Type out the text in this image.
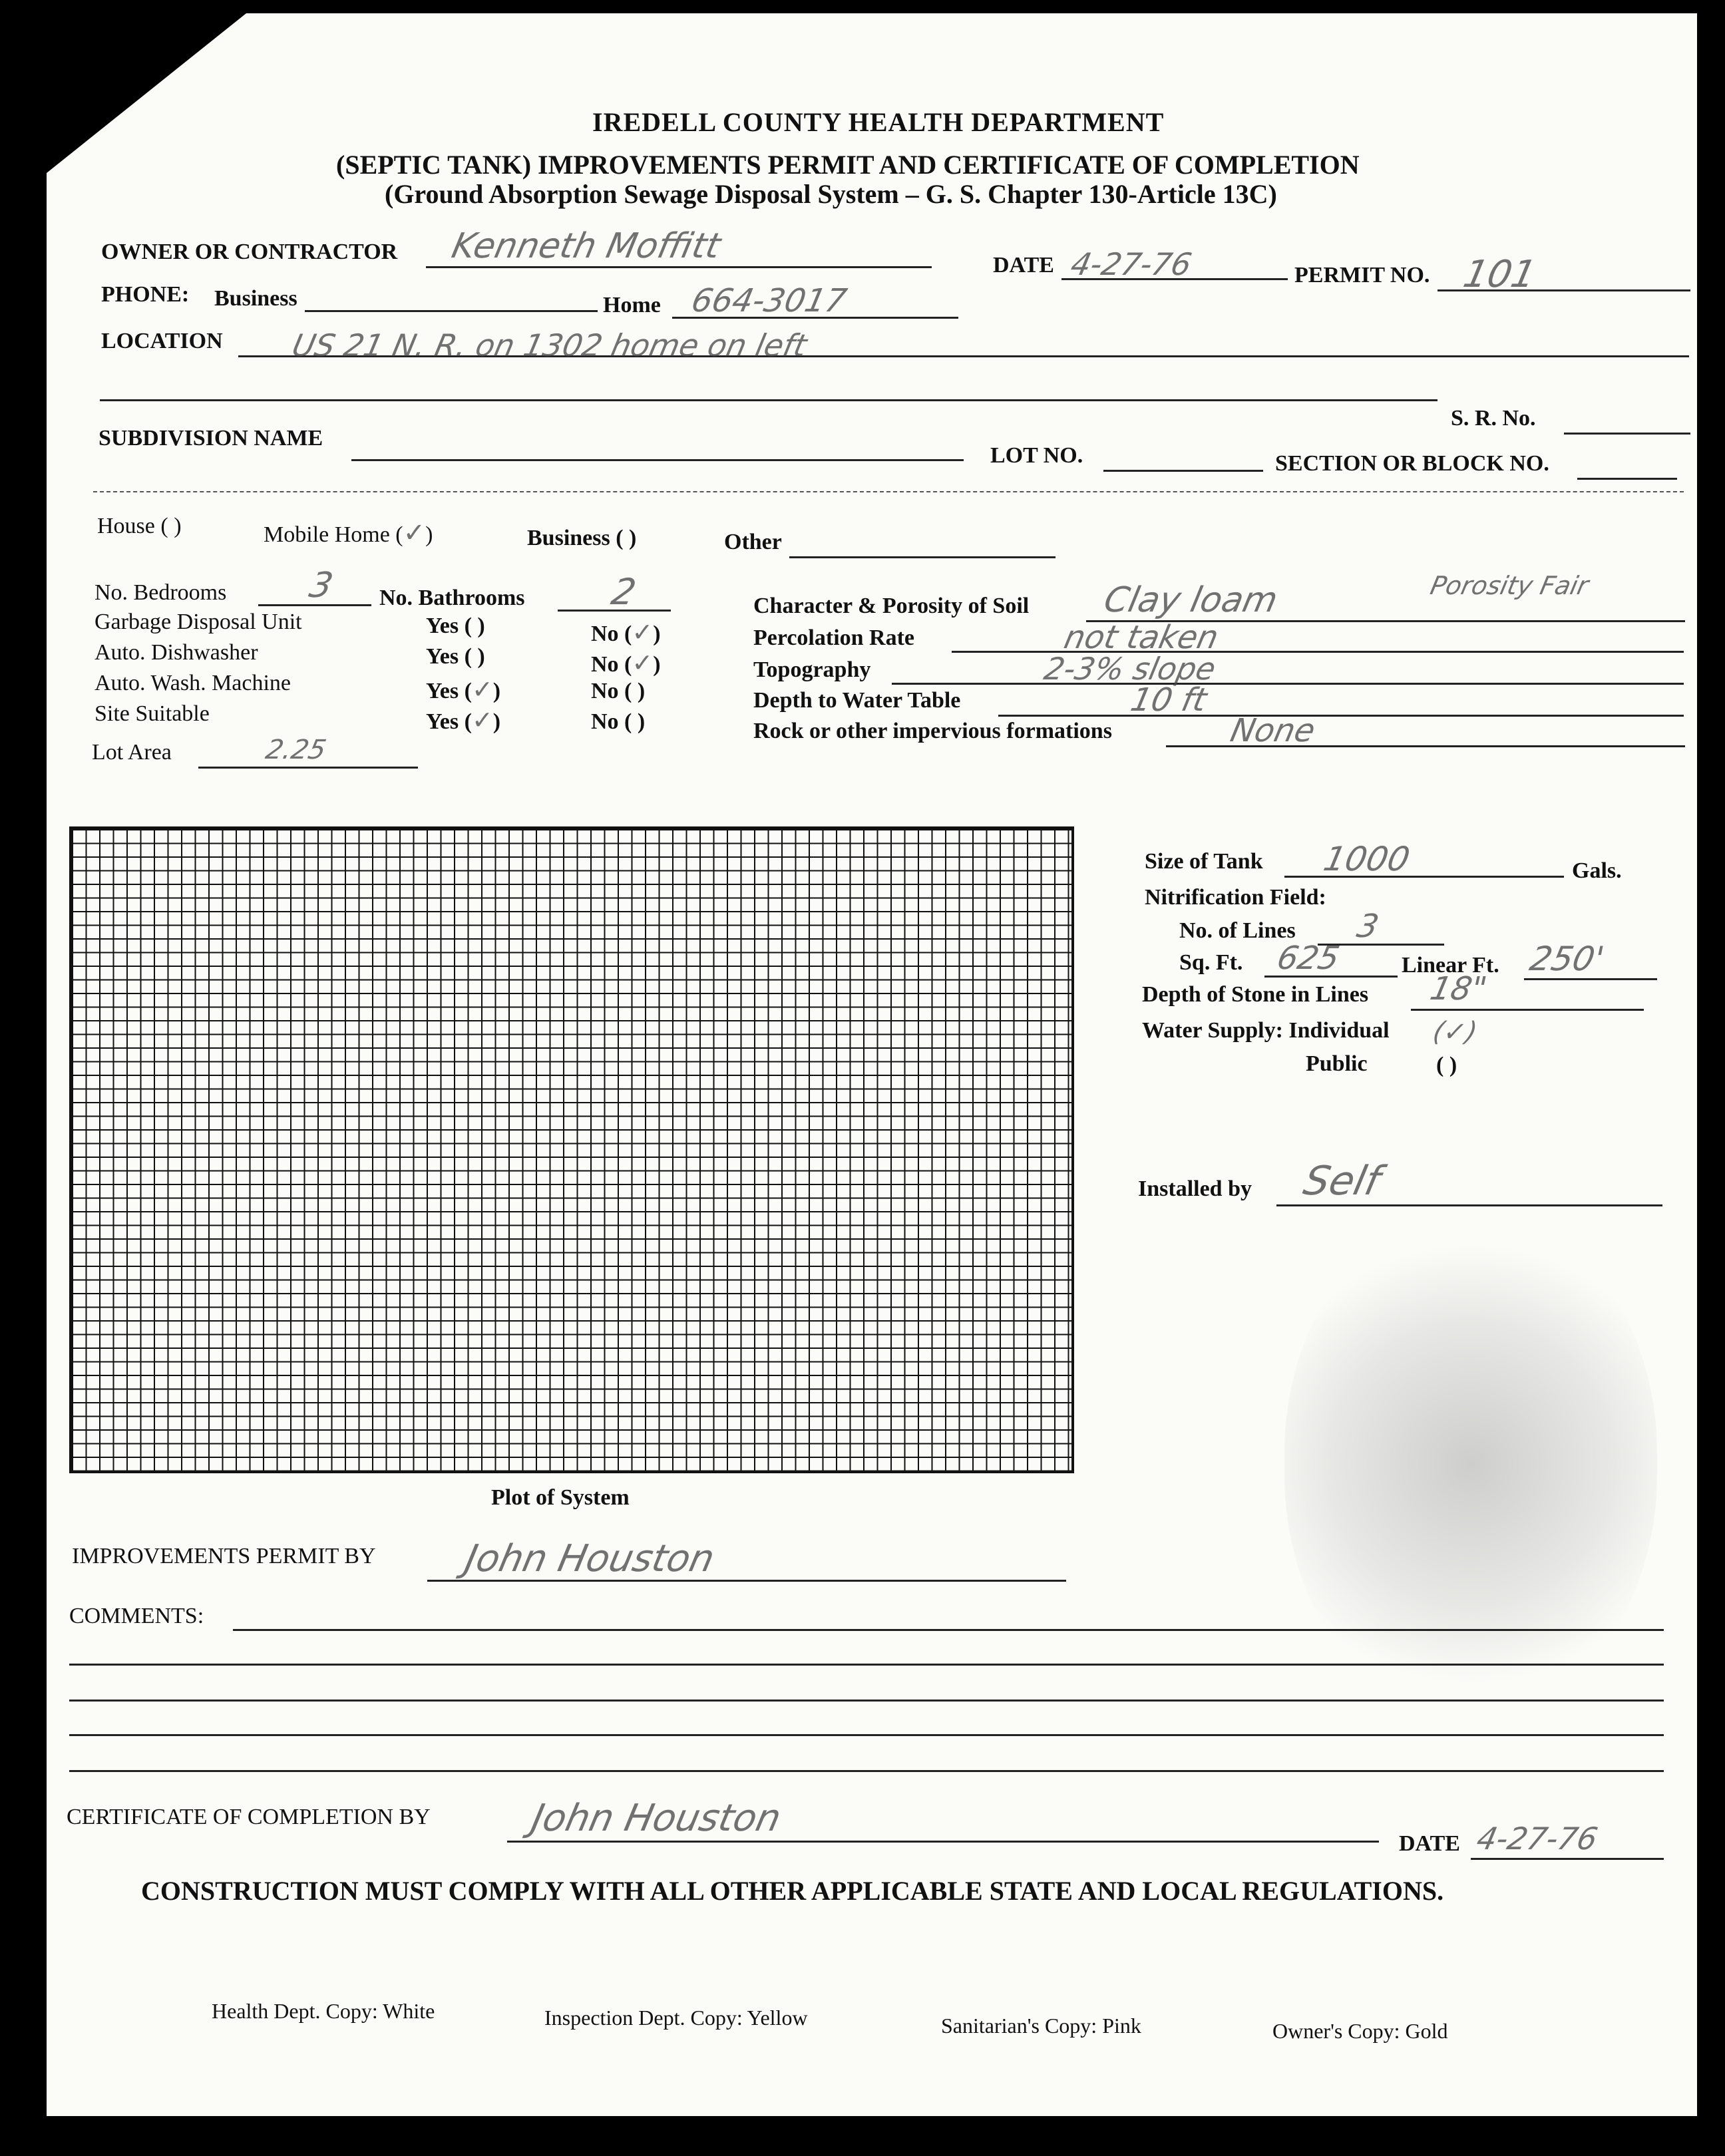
IREDELL COUNTY HEALTH DEPARTMENT
(SEPTIC TANK) IMPROVEMENTS PERMIT AND CERTIFICATE OF COMPLETION
(Ground Absorption Sewage Disposal System – G. S. Chapter 130-Article 13C)
OWNER OR CONTRACTOR Kenneth Moffitt	DATE 4-27-76	PERMIT NO. 101
PHONE: Business	Home 664-3017
LOCATION US 21 N. R. on 1302 home on left
S. R. No.
SUBDIVISION NAME
LOT NO.	SECTION OR BLOCK NO.
House ( )	Mobile Home (✓)	Business ( )	Other
No. Bedrooms 3 No. Bathrooms 2
Garbage Disposal Unit	Yes ( )	No (✓)
Auto. Dishwasher	Yes ( )	No (✓)
Auto. Wash. Machine	Yes (✓)	No ( )
Site Suitable	Yes (✓)	No ( )
Lot Area	2.25
Character & Porosity of Soil Clay loam	Porosity Fair
Percolation Rate	not taken
Topography	2-3% slope
Depth to Water Table	10 ft
Rock or other impervious formations	None
Plot of System
Size of Tank 1000	Gals.
Nitrification Field:
No. of Lines 3
Sq. Ft. 625	Linear Ft. 250'
Depth of Stone in Lines 18"
Water Supply: Individual (✓)
Public	( )
Installed by Self
IMPROVEMENTS PERMIT BY John Houston
COMMENTS:
CERTIFICATE OF COMPLETION BY	John Houston
DATE 4-27-76
CONSTRUCTION MUST COMPLY WITH ALL OTHER APPLICABLE STATE AND LOCAL REGULATIONS.
Health Dept. Copy: White	Inspection Dept. Copy: Yellow	Sanitarian's Copy: Pink	Owner's Copy: Gold
